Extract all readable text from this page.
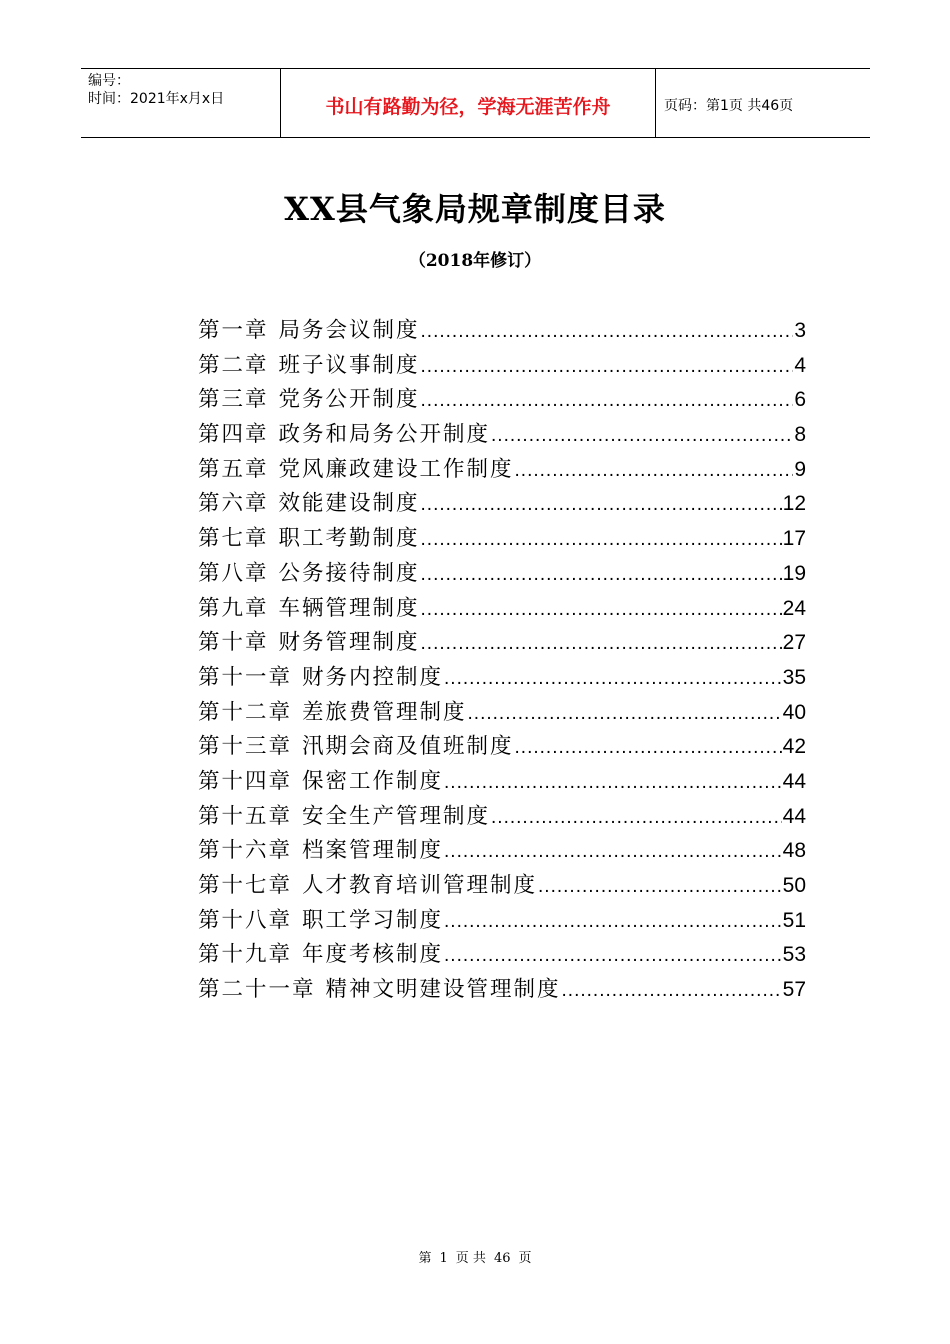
编号：
时间：2021年x月x日	书山有路勤为径，学海无涯苦作舟	页码：第1页 共46页
XX县气象局规章制度目录

（2018年修订）

第一章 局务会议制度 .....	3
第二章 班子议事制度 .....	4
第三章 党务公开制度 .....	6
第四章 政务和局务公开制度 .....	8
第五章 党风廉政建设工作制度 .....	9
第六章 效能建设制度 .....	12
第七章 职工考勤制度 .....	17
第八章 公务接待制度 .....	19
第九章 车辆管理制度 .....	24
第十章 财务管理制度 .....	27
第十一章 财务内控制度 .....	35
第十二章 差旅费管理制度 .....	40
第十三章 汛期会商及值班制度 .....	42
第十四章 保密工作制度 .....	44
第十五章 安全生产管理制度 .....	44
第十六章 档案管理制度 .....	48
第十七章 人才教育培训管理制度 .....	50
第十八章 职工学习制度 .....	51
第十九章 年度考核制度 .....	53
第二十一章 精神文明建设管理制度 .....	57

第 1 页 共 46 页
